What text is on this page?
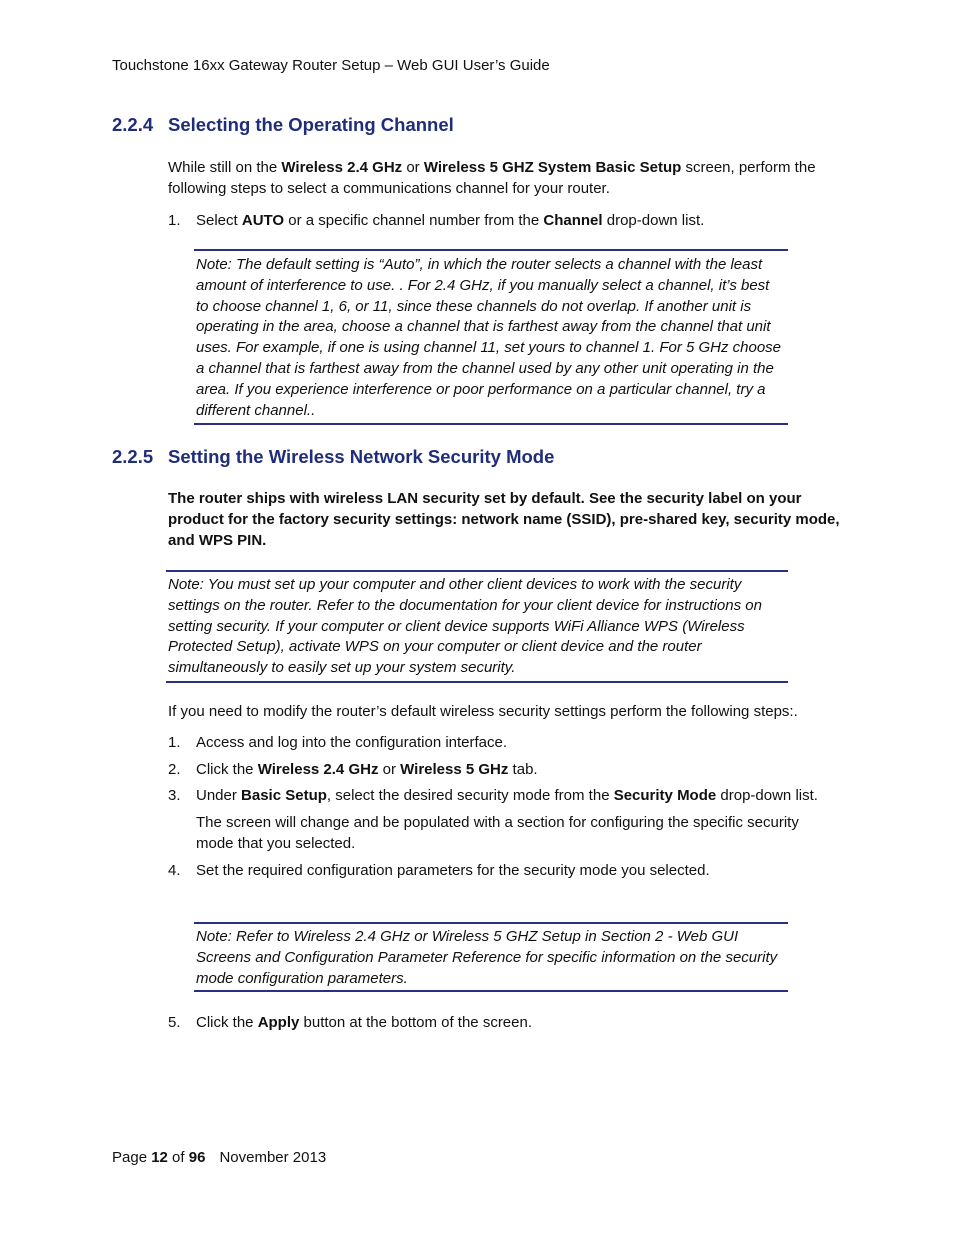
Touchstone 16xx Gateway Router Setup – Web GUI User’s Guide
2.2.4 Selecting the Operating Channel
While still on the Wireless 2.4 GHz or Wireless 5 GHZ System Basic Setup screen, perform the following steps to select a communications channel for your router.
1. Select AUTO or a specific channel number from the Channel drop-down list.

Note: The default setting is “Auto”, in which the router selects a channel with the least amount of interference to use. . For 2.4 GHz, if you manually select a channel, it’s best to choose channel 1, 6, or 11, since these channels do not overlap. If another unit is operating in the area, choose a channel that is farthest away from the channel that unit uses. For example, if one is using channel 11, set yours to channel 1. For 5 GHz choose a channel that is farthest away from the channel used by any other unit operating in the area. If you experience interference or poor performance on a particular channel, try a different channel..

2.2.5 Setting the Wireless Network Security Mode
The router ships with wireless LAN security set by default. See the security label on your product for the factory security settings: network name (SSID), pre-shared key, security mode, and WPS PIN.

Note: You must set up your computer and other client devices to work with the security settings on the router. Refer to the documentation for your client device for instructions on setting security. If your computer or client device supports WiFi Alliance WPS (Wireless Protected Setup), activate WPS on your computer or client device and the router simultaneously to easily set up your system security.

If you need to modify the router’s default wireless security settings perform the following steps:.
1. Access and log into the configuration interface.
2. Click the Wireless 2.4 GHz or Wireless 5 GHz tab.
3. Under Basic Setup, select the desired security mode from the Security Mode drop-down list.
The screen will change and be populated with a section for configuring the specific security mode that you selected.
4. Set the required configuration parameters for the security mode you selected.

Note: Refer to Wireless 2.4 GHz or Wireless 5 GHZ Setup in Section 2 - Web GUI Screens and Configuration Parameter Reference for specific information on the security mode configuration parameters.

5. Click the Apply button at the bottom of the screen.
Page 12 of 96 November 2013
